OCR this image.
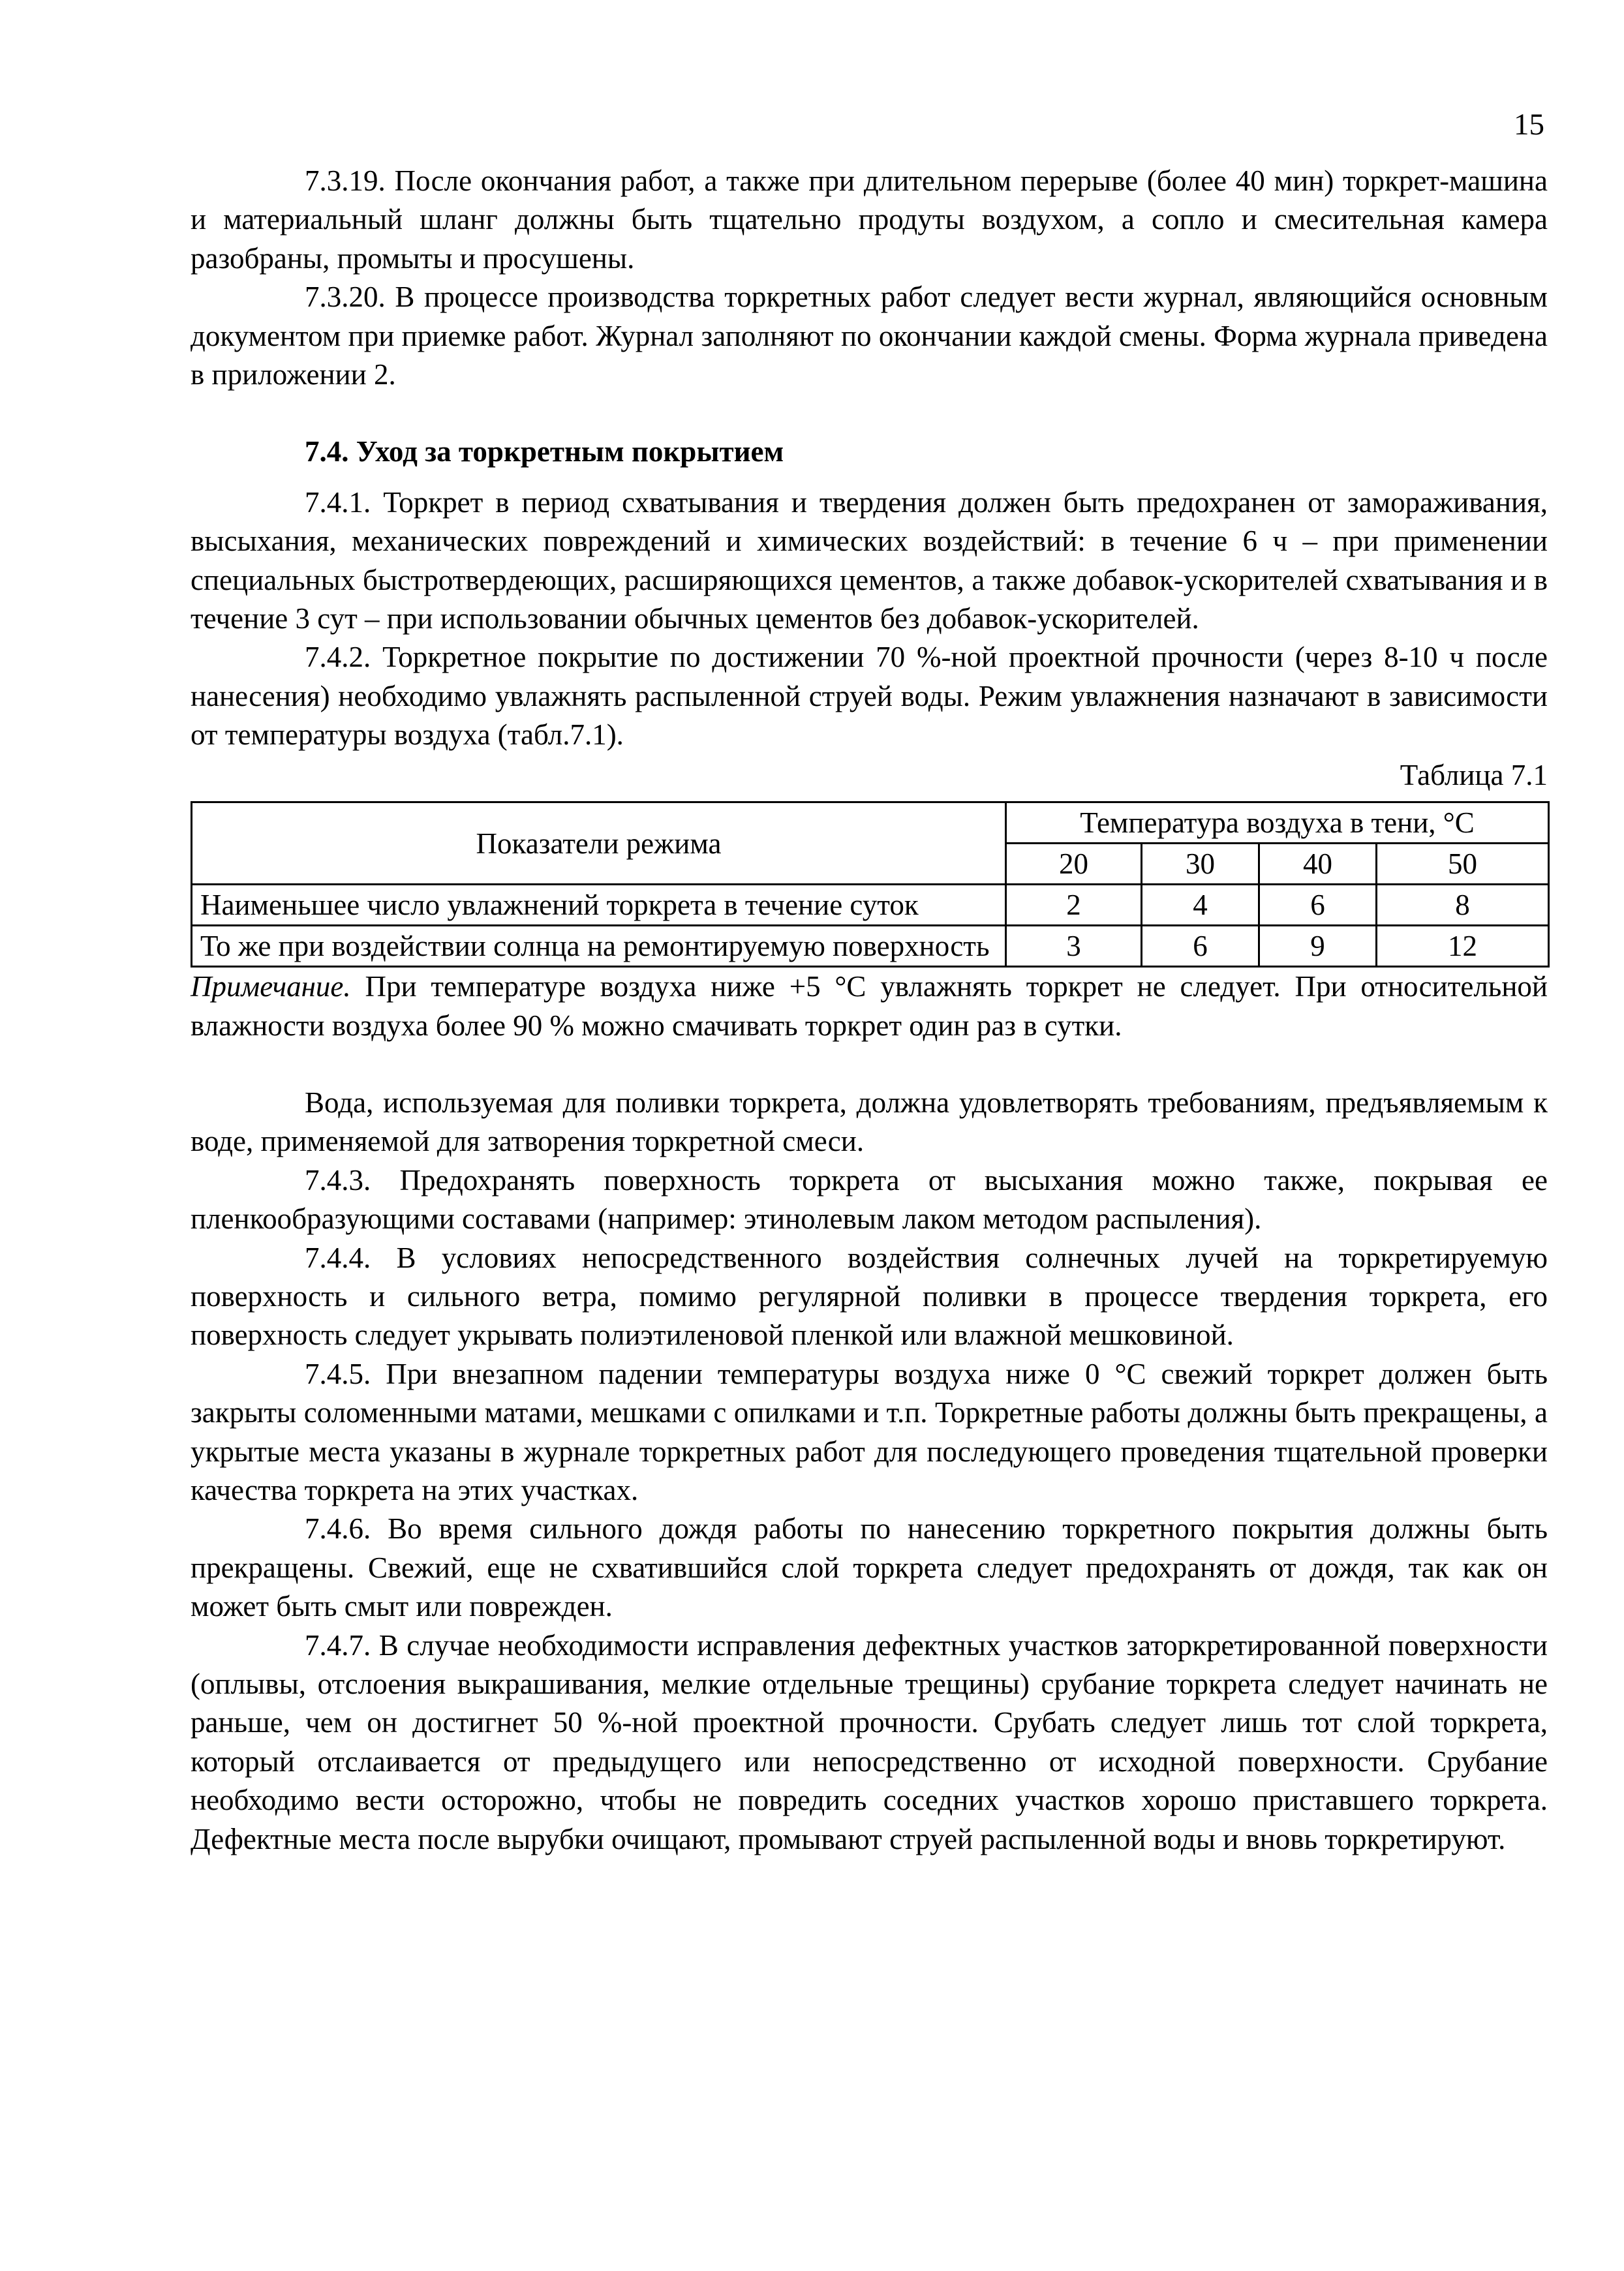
15

7.3.19. После окончания работ, а также при длительном перерыве (более 40 мин) торкрет-машина и материальный шланг должны быть тщательно продуты воздухом, а сопло и смесительная камера разобраны, промыты и просушены.

7.3.20. В процессе производства торкретных работ следует вести журнал, являющийся основным документом при приемке работ. Журнал заполняют по окончании каждой смены. Форма журнала приведена в приложении 2.

7.4. Уход за торкретным покрытием

7.4.1. Торкрет в период схватывания и твердения должен быть предохранен от замораживания, высыхания, механических повреждений и химических воздействий: в течение 6 ч – при применении специальных быстротвердеющих, расширяющихся цементов, а также добавок-ускорителей схватывания и в течение 3 сут – при использовании обычных цементов без добавок-ускорителей.

7.4.2. Торкретное покрытие по достижении 70 %-ной проектной прочности (через 8-10 ч после нанесения) необходимо увлажнять распыленной струей воды. Режим увлажнения назначают в зависимости от температуры воздуха (табл.7.1).

Таблица 7.1
Показатели режима	Температура воздуха в тени, °С			
	20	30	40	50
Наименьшее число увлажнений торкрета в течение суток	2	4	6	8
То же при воздействии солнца на ремонтируемую поверхность	3	6	9	12

Примечание. При температуре воздуха ниже +5 °С увлажнять торкрет не следует. При относительной влажности воздуха более 90 % можно смачивать торкрет один раз в сутки.

Вода, используемая для поливки торкрета, должна удовлетворять требованиям, предъявляемым к воде, применяемой для затворения торкретной смеси.

7.4.3. Предохранять поверхность торкрета от высыхания можно также, покрывая ее пленкообразующими составами (например: этинолевым лаком методом распыления).

7.4.4. В условиях непосредственного воздействия солнечных лучей на торкретируемую поверхность и сильного ветра, помимо регулярной поливки в процессе твердения торкрета, его поверхность следует укрывать полиэтиленовой пленкой или влажной мешковиной.

7.4.5. При внезапном падении температуры воздуха ниже 0 °С свежий торкрет должен быть закрыты соломенными матами, мешками с опилками и т.п. Торкретные работы должны быть прекращены, а укрытые места указаны в журнале торкретных работ для последующего проведения тщательной проверки качества торкрета на этих участках.

7.4.6. Во время сильного дождя работы по нанесению торкретного покрытия должны быть прекращены. Свежий, еще не схватившийся слой торкрета следует предохранять от дождя, так как он может быть смыт или поврежден.

7.4.7. В случае необходимости исправления дефектных участков заторкретированной поверхности (оплывы, отслоения выкрашивания, мелкие отдельные трещины) срубание торкрета следует начинать не раньше, чем он достигнет 50 %-ной проектной прочности. Срубать следует лишь тот слой торкрета, который отслаивается от предыдущего или непосредственно от исходной поверхности. Срубание необходимо вести осторожно, чтобы не повредить соседних участков хорошо приставшего торкрета. Дефектные места после вырубки очищают, промывают струей распыленной воды и вновь торкретируют.
